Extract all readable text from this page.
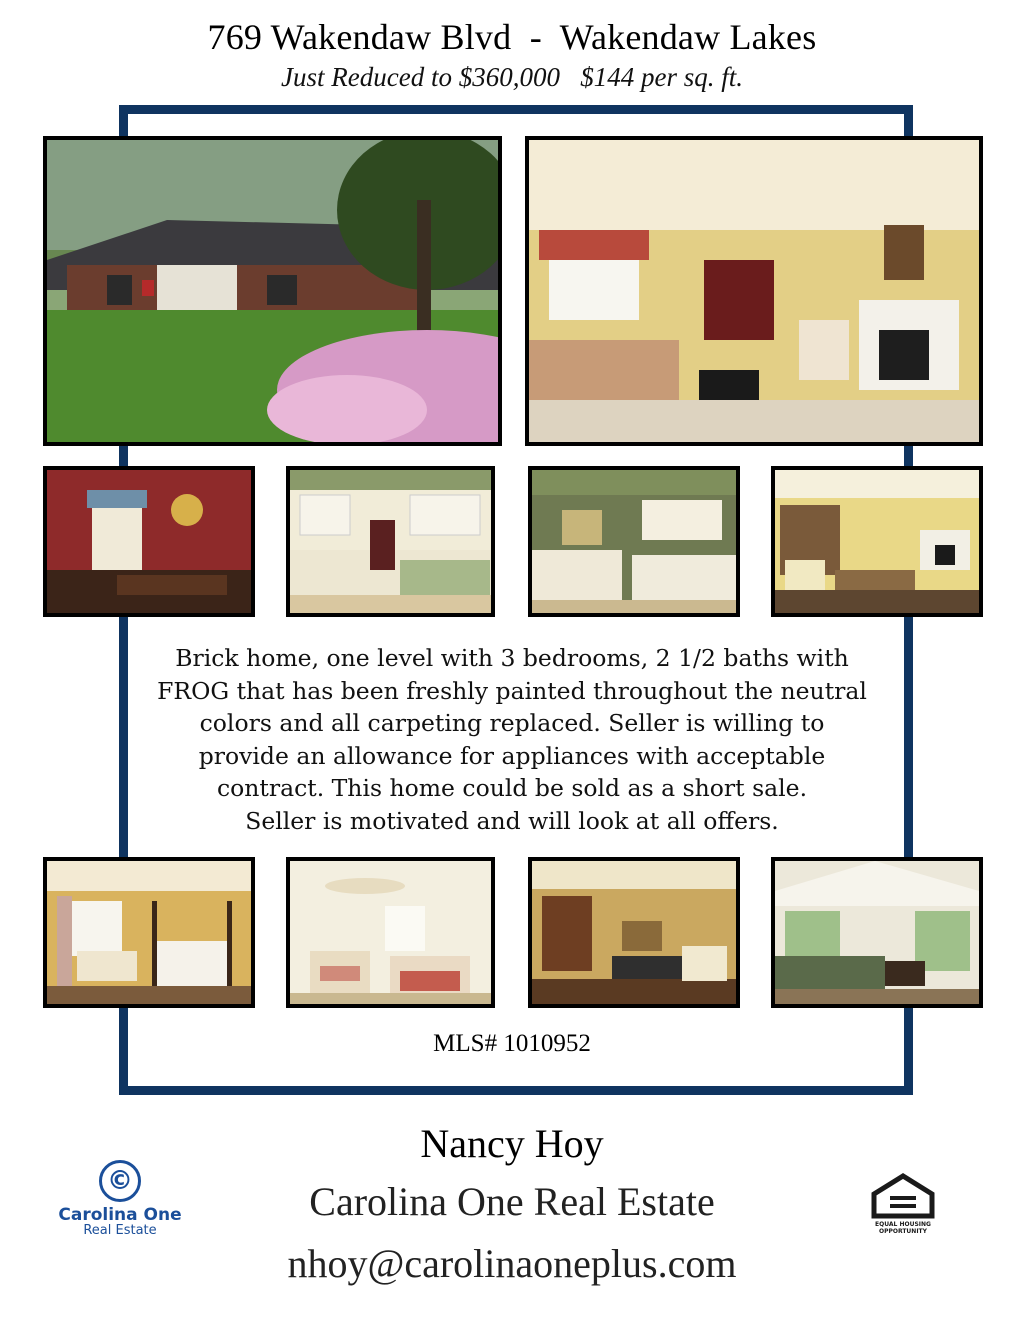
769 Wakendaw Blvd  -  Wakendaw Lakes
Just Reduced to $360,000   $144 per sq. ft.
Brick home, one level with 3 bedrooms, 2 1/2 baths with
FROG that has been freshly painted throughout the neutral
colors and all carpeting replaced. Seller is willing to
provide an allowance for appliances with acceptable
contract. This home could be sold as a short sale.
Seller is motivated and will look at all offers.
MLS# 1010952
©
Carolina One
Real Estate
Nancy Hoy
Carolina One Real Estate
nhoy@carolinaoneplus.com
EQUAL HOUSING
OPPORTUNITY
